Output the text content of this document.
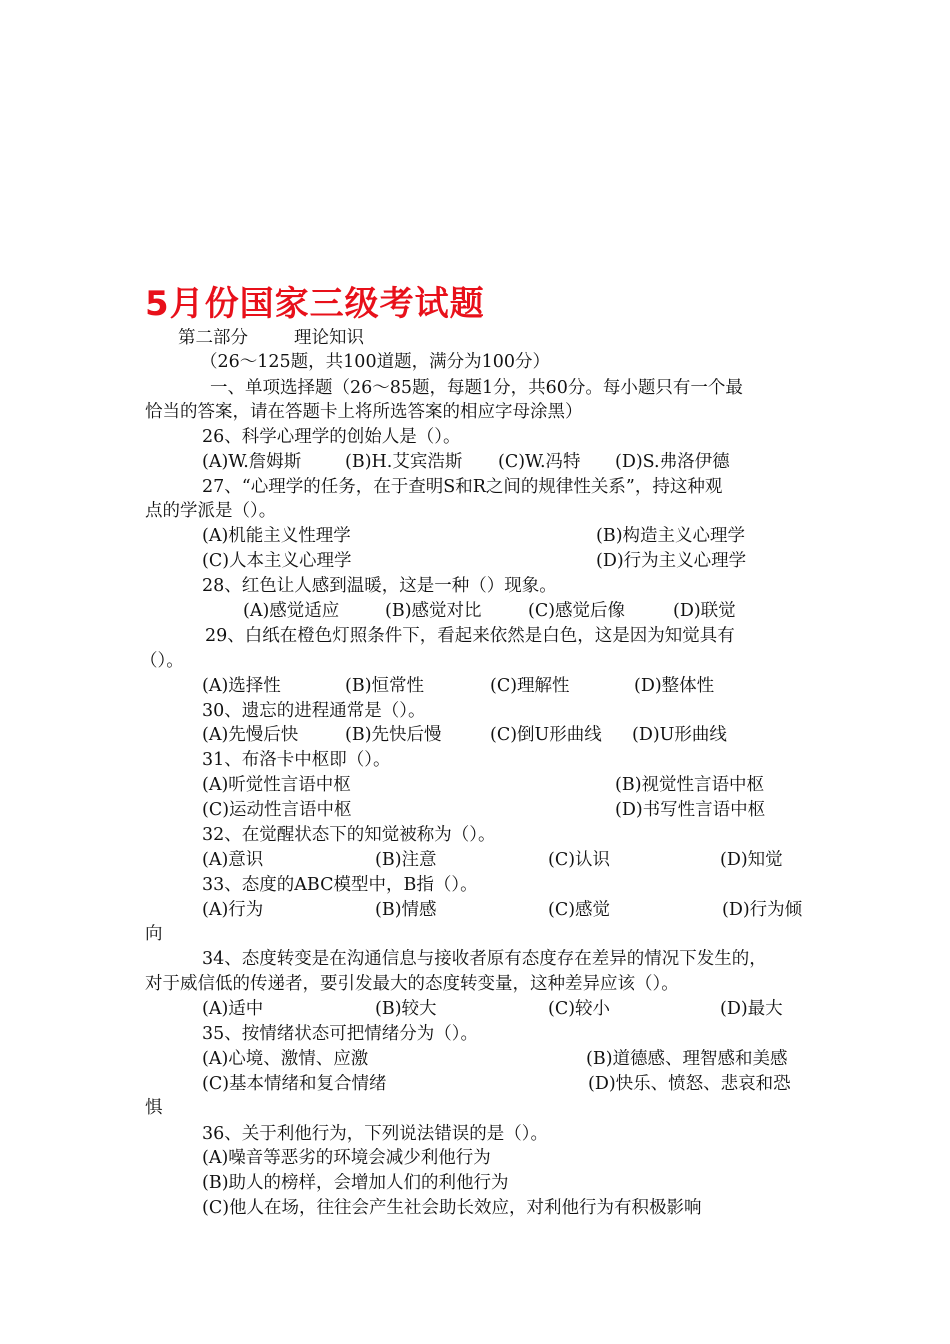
5月份国家三级考试题
第二部分	理论知识
（26～125题，共100道题，满分为100分）
一、单项选择题（26～85题，每题1分，共60分。每小题只有一个最
恰当的答案，请在答题卡上将所选答案的相应字母涂黑）
26、科学心理学的创始人是（）。
(A)W.詹姆斯 (B)H.艾宾浩斯 (C)W.冯特 (D)S.弗洛伊德
27、“心理学的任务，在于查明S和R之间的规律性关系”，持这种观
点的学派是（）。
(A)机能主义性理学	(B)构造主义心理学
(C)人本主义心理学	(D)行为主义心理学
28、红色让人感到温暖，这是一种（）现象。
(A)感觉适应	(B)感觉对比	(C)感觉后像	(D)联觉
29、白纸在橙色灯照条件下，看起来依然是白色，这是因为知觉具有
（）。
(A)选择性	(B)恒常性	(C)理解性	(D)整体性
30、遗忘的进程通常是（）。
(A)先慢后快	(B)先快后慢	(C)倒U形曲线 (D)U形曲线
31、布洛卡中枢即（）。
(A)听觉性言语中枢	(B)视觉性言语中枢
(C)运动性言语中枢	(D)书写性言语中枢
32、在觉醒状态下的知觉被称为（）。
(A)意识	(B)注意	(C)认识	(D)知觉
33、态度的ABC模型中，B指（）。
(A)行为	(B)情感	(C)感觉	(D)行为倾
向
34、态度转变是在沟通信息与接收者原有态度存在差异的情况下发生的，
对于威信低的传递者，要引发最大的态度转变量，这种差异应该（）。
(A)适中	(B)较大	(C)较小	(D)最大
35、按情绪状态可把情绪分为（）。
(A)心境、激情、应激	(B)道德感、理智感和美感
(C)基本情绪和复合情绪	(D)快乐、愤怒、悲哀和恐
惧
36、关于利他行为，下列说法错误的是（）。
(A)噪音等恶劣的环境会减少利他行为
(B)助人的榜样，会增加人们的利他行为
(C)他人在场，往往会产生社会助长效应，对利他行为有积极影响
